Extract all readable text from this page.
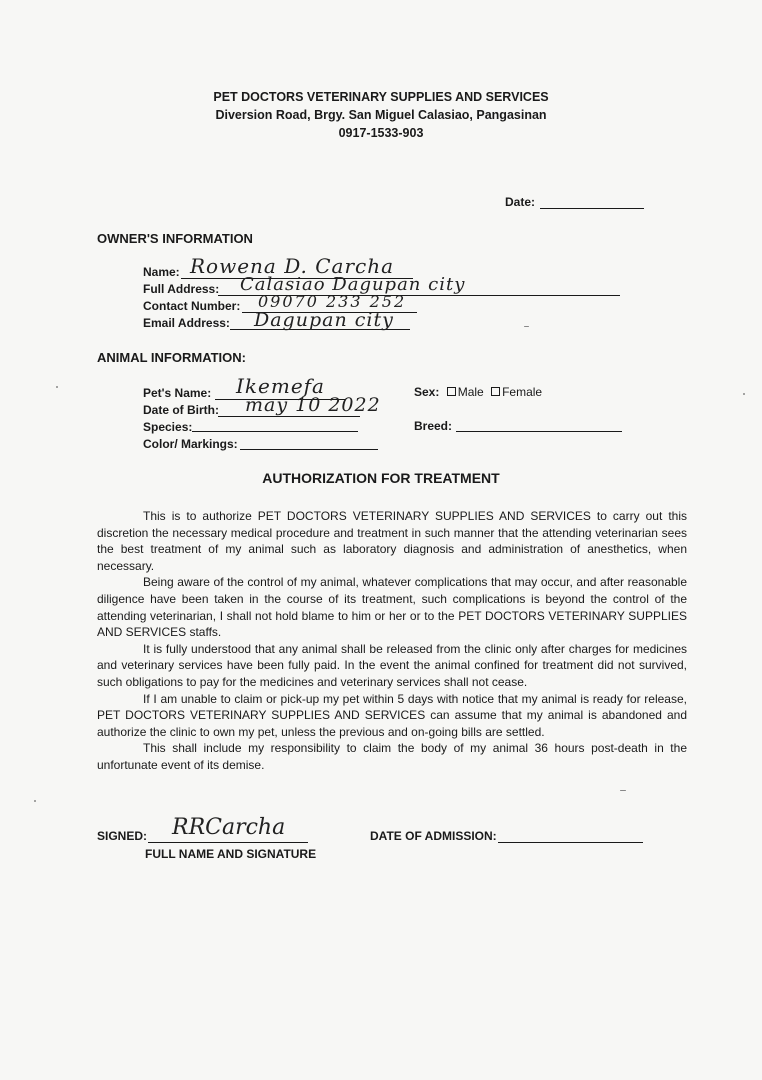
PET DOCTORS VETERINARY SUPPLIES AND SERVICES
Diversion Road, Brgy. San Miguel Calasiao, Pangasinan
0917-1533-903
Date:
OWNER'S INFORMATION
Name: Rowena D. Carcha
Full Address: Calasiao Dagupan city
Contact Number: 09070 233 252
Email Address: Dagupan city
ANIMAL INFORMATION:
Pet's Name: Ikemefa	Sex: Male Female
Date of Birth: may 10 2022
Species:	Breed:
Color/ Markings:
AUTHORIZATION FOR TREATMENT

This is to authorize PET DOCTORS VETERINARY SUPPLIES AND SERVICES to carry out this discretion the necessary medical procedure and treatment in such manner that the attending veterinarian sees the best treatment of my animal such as laboratory diagnosis and administration of anesthetics, when necessary.

Being aware of the control of my animal, whatever complications that may occur, and after reasonable diligence have been taken in the course of its treatment, such complications is beyond the control of the attending veterinarian, I shall not hold blame to him or her or to the PET DOCTORS VETERINARY SUPPLIES AND SERVICES staffs.

It is fully understood that any animal shall be released from the clinic only after charges for medicines and veterinary services have been fully paid. In the event the animal confined for treatment did not survived, such obligations to pay for the medicines and veterinary services shall not cease.

If I am unable to claim or pick-up my pet within 5 days with notice that my animal is ready for release, PET DOCTORS VETERINARY SUPPLIES AND SERVICES can assume that my animal is abandoned and authorize the clinic to own my pet, unless the previous and on-going bills are settled.

This shall include my responsibility to claim the body of my animal 36 hours post-death in the unfortunate event of its demise.

SIGNED: RRCarcha
FULL NAME AND SIGNATURE
DATE OF ADMISSION:
